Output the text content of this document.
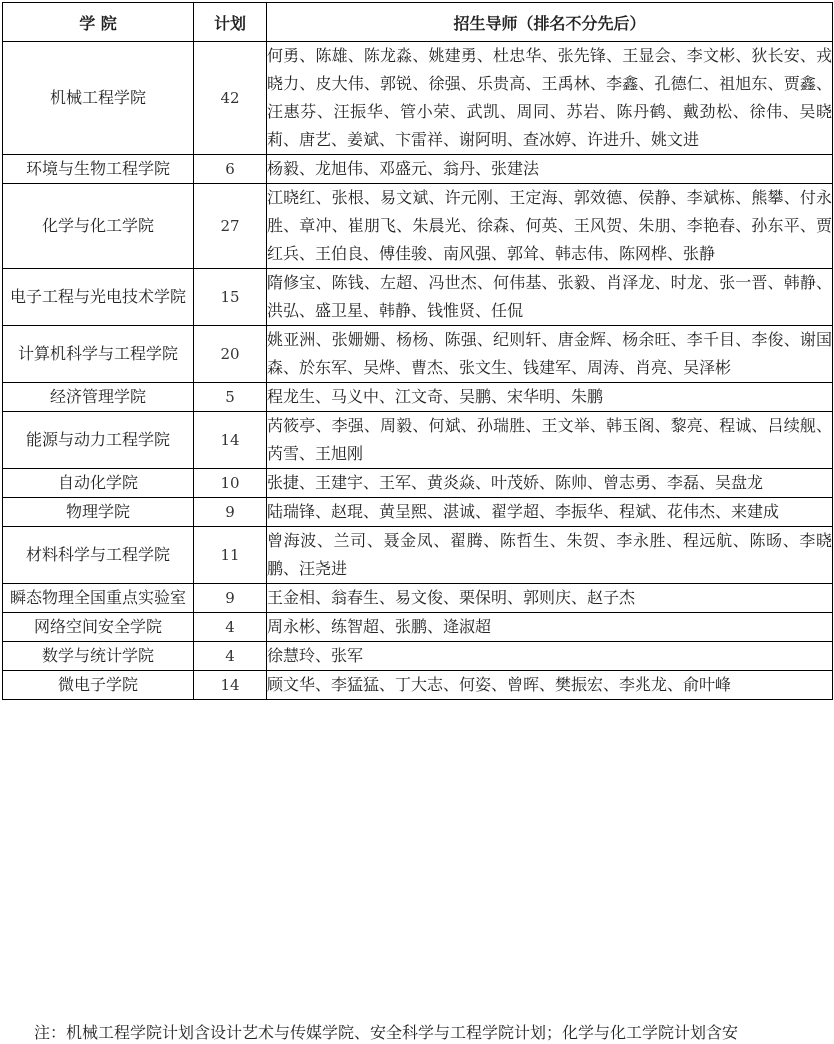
学 院	计划	招生导师（排名不分先后）
机械工程学院	42	何勇、陈雄、陈龙淼、姚建勇、杜忠华、张先锋、王显会、李文彬、狄长安、戎晓力、皮大伟、郭锐、徐强、乐贵高、王禹林、李鑫、孔德仁、祖旭东、贾鑫、汪惠芬、汪振华、管小荣、武凯、周同、苏岩、陈丹鹤、戴劲松、徐伟、吴晓莉、唐艺、姜斌、卞雷祥、谢阿明、查冰婷、许进升、姚文进
环境与生物工程学院	6	杨毅、龙旭伟、邓盛元、翁丹、张建法
化学与化工学院	27	江晓红、张根、易文斌、许元刚、王定海、郭效德、侯静、李斌栋、熊攀、付永胜、章冲、崔朋飞、朱晨光、徐森、何英、王风贺、朱朋、李艳春、孙东平、贾红兵、王伯良、傅佳骏、南风强、郭耸、韩志伟、陈网桦、张静
电子工程与光电技术学院	15	隋修宝、陈钱、左超、冯世杰、何伟基、张毅、肖泽龙、时龙、张一晋、韩静、洪弘、盛卫星、韩静、钱惟贤、任侃
计算机科学与工程学院	20	姚亚洲、张姗姗、杨杨、陈强、纪则轩、唐金辉、杨余旺、李千目、李俊、谢国森、於东军、吴烨、曹杰、张文生、钱建军、周涛、肖亮、吴泽彬
经济管理学院	5	程龙生、马义中、江文奇、吴鹏、宋华明、朱鹏
能源与动力工程学院	14	芮筱亭、李强、周毅、何斌、孙瑞胜、王文举、韩玉阁、黎亮、程诚、吕续舰、芮雪、王旭刚
自动化学院	10	张捷、王建宇、王军、黄炎焱、叶茂娇、陈帅、曾志勇、李磊、吴盘龙
物理学院	9	陆瑞锋、赵琨、黄呈熙、湛诚、翟学超、李振华、程斌、花伟杰、来建成
材料科学与工程学院	11	曾海波、兰司、聂金凤、翟腾、陈哲生、朱贺、李永胜、程远航、陈旸、李晓鹏、汪尧进
瞬态物理全国重点实验室	9	王金相、翁春生、易文俊、栗保明、郭则庆、赵子杰
网络空间安全学院	4	周永彬、练智超、张鹏、逄淑超
数学与统计学院	4	徐慧玲、张军
微电子学院	14	顾文华、李猛猛、丁大志、何姿、曾晖、樊振宏、李兆龙、俞叶峰
注：机械工程学院计划含设计艺术与传媒学院、安全科学与工程学院计划；化学与化工学院计划含安
